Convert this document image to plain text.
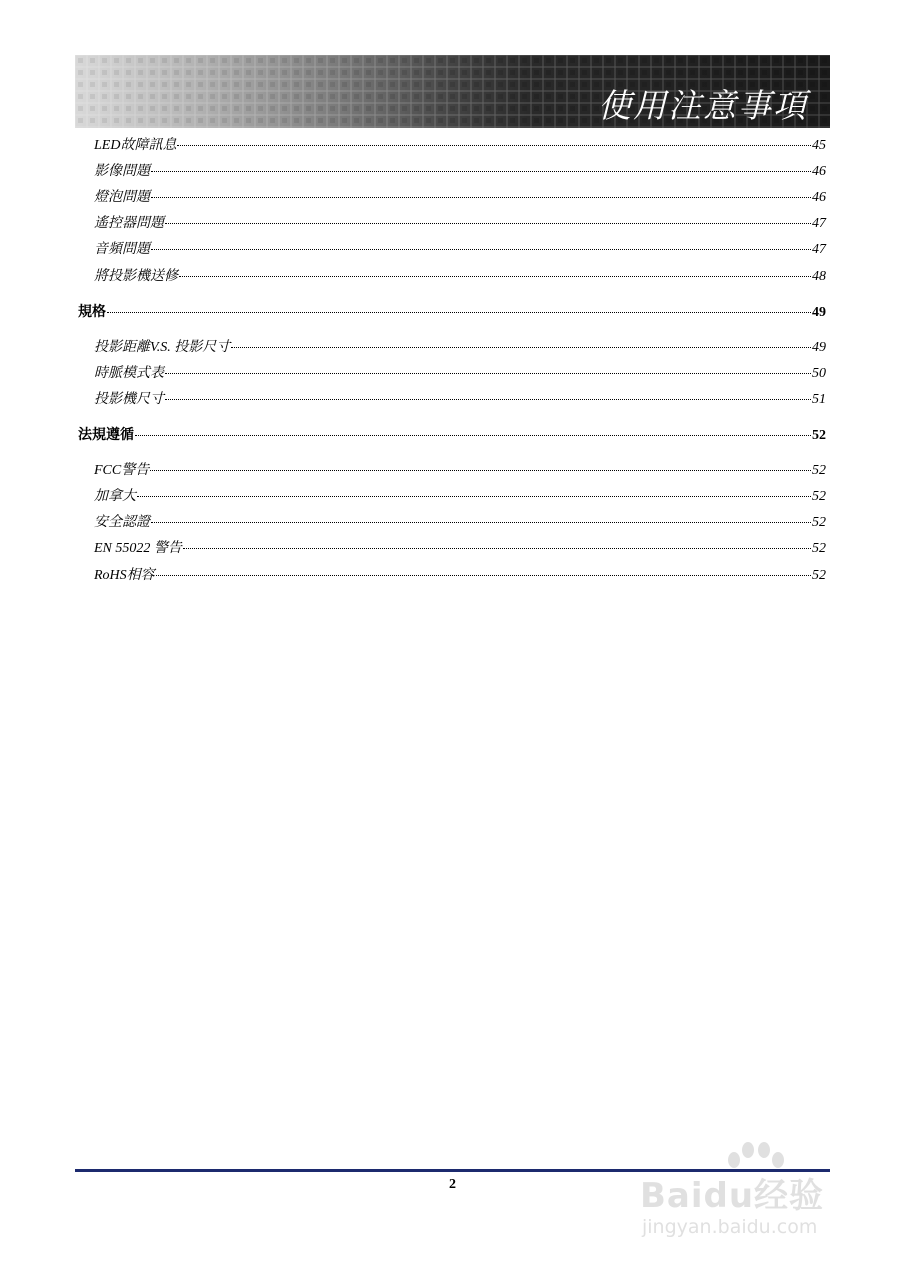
使用注意事項
LED故障訊息	45
影像問題	46
燈泡問題	46
遙控器問題	47
音頻問題	47
將投影機送修	48
規格	49
投影距離V.S. 投影尺寸	49
時脈模式表	50
投影機尺寸	51
法規遵循	52
FCC警告	52
加拿大	52
安全認證	52
EN 55022 警告	52
RoHS相容	52
2	Baidu经验
jingyan.baidu.com
